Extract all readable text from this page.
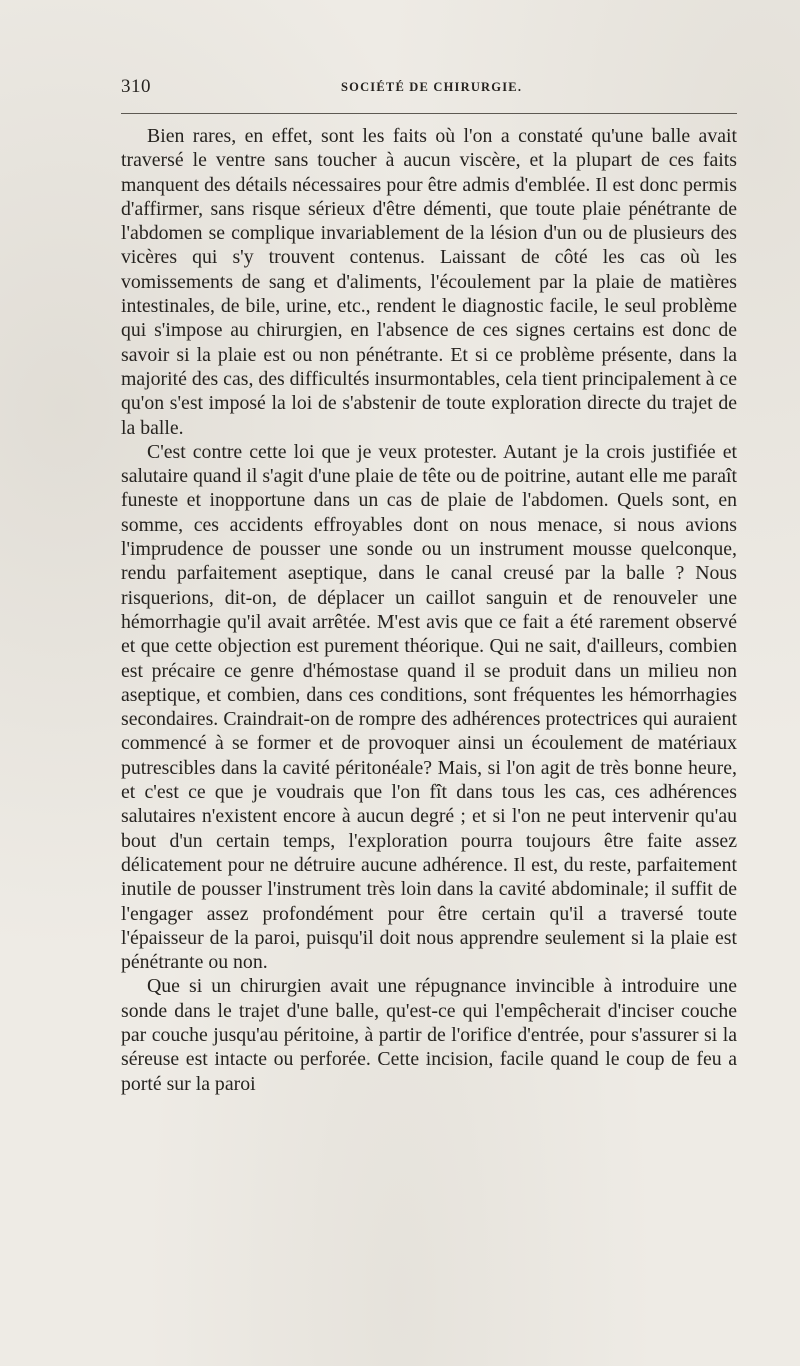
310	SOCIÉTÉ DE CHIRURGIE.

Bien rares, en effet, sont les faits où l'on a constaté qu'une balle avait traversé le ventre sans toucher à aucun viscère, et la plupart de ces faits manquent des détails nécessaires pour être admis d'emblée. Il est donc permis d'affirmer, sans risque sérieux d'être démenti, que toute plaie pénétrante de l'abdomen se complique invariablement de la lésion d'un ou de plusieurs des vicères qui s'y trouvent contenus. Laissant de côté les cas où les vomissements de sang et d'aliments, l'écoulement par la plaie de matières intestinales, de bile, urine, etc., rendent le diagnostic facile, le seul problème qui s'impose au chirurgien, en l'absence de ces signes certains est donc de savoir si la plaie est ou non pénétrante. Et si ce problème présente, dans la majorité des cas, des difficultés insurmontables, cela tient principalement à ce qu'on s'est imposé la loi de s'abstenir de toute exploration directe du trajet de la balle.

C'est contre cette loi que je veux protester. Autant je la crois justifiée et salutaire quand il s'agit d'une plaie de tête ou de poitrine, autant elle me paraît funeste et inopportune dans un cas de plaie de l'abdomen. Quels sont, en somme, ces accidents effroyables dont on nous menace, si nous avions l'imprudence de pousser une sonde ou un instrument mousse quelconque, rendu parfaitement aseptique, dans le canal creusé par la balle ? Nous risquerions, dit-on, de déplacer un caillot sanguin et de renouveler une hémorrhagie qu'il avait arrêtée. M'est avis que ce fait a été rarement observé et que cette objection est purement théorique. Qui ne sait, d'ailleurs, combien est précaire ce genre d'hémostase quand il se produit dans un milieu non aseptique, et combien, dans ces conditions, sont fréquentes les hémorrhagies secondaires. Craindrait-on de rompre des adhérences protectrices qui auraient commencé à se former et de provoquer ainsi un écoulement de matériaux putrescibles dans la cavité péritonéale? Mais, si l'on agit de très bonne heure, et c'est ce que je voudrais que l'on fît dans tous les cas, ces adhérences salutaires n'existent encore à aucun degré ; et si l'on ne peut intervenir qu'au bout d'un certain temps, l'exploration pourra toujours être faite assez délicatement pour ne détruire aucune adhérence. Il est, du reste, parfaitement inutile de pousser l'instrument très loin dans la cavité abdominale; il suffit de l'engager assez profondément pour être certain qu'il a traversé toute l'épaisseur de la paroi, puisqu'il doit nous apprendre seulement si la plaie est pénétrante ou non.

Que si un chirurgien avait une répugnance invincible à introduire une sonde dans le trajet d'une balle, qu'est-ce qui l'empêcherait d'inciser couche par couche jusqu'au péritoine, à partir de l'orifice d'entrée, pour s'assurer si la séreuse est intacte ou perforée. Cette incision, facile quand le coup de feu a porté sur la paroi
